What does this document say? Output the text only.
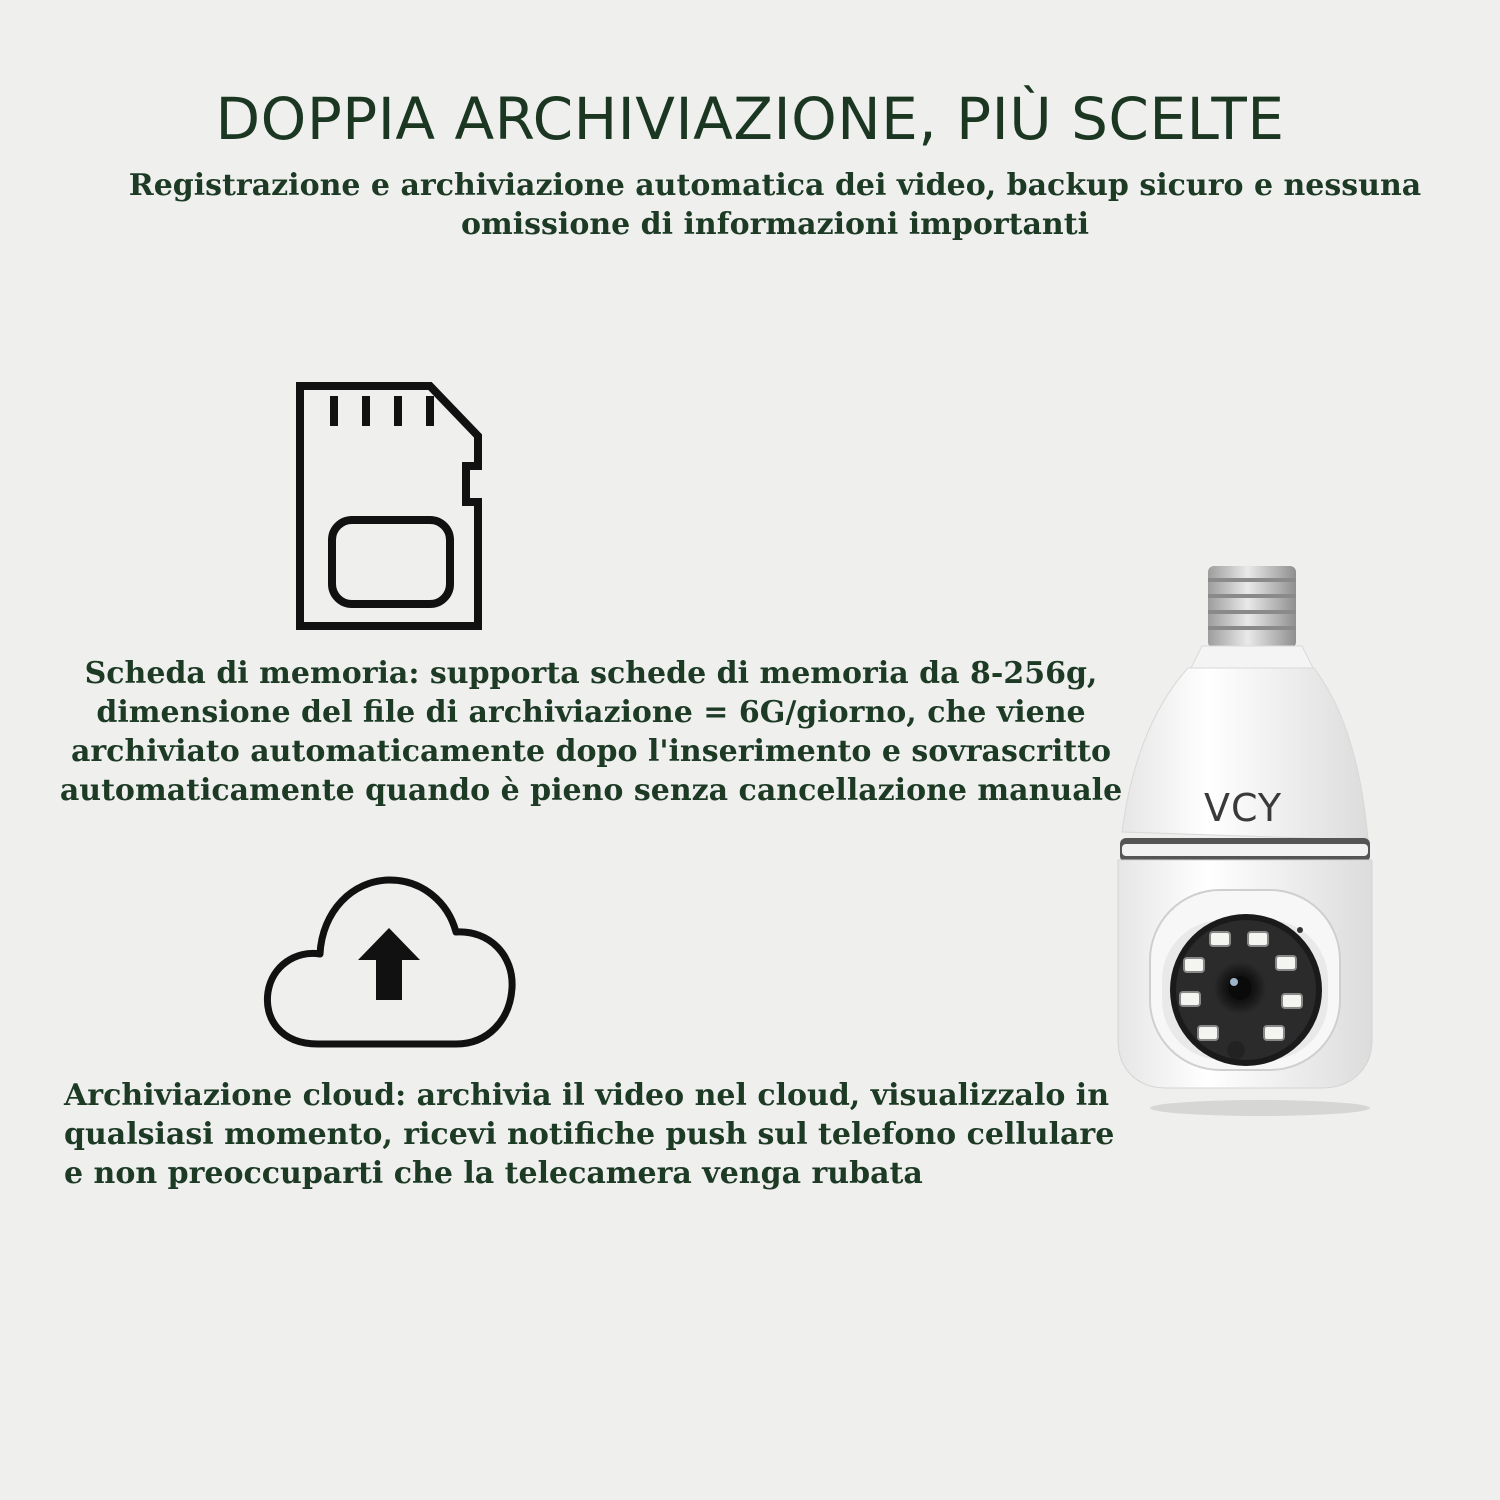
DOPPIA ARCHIVIAZIONE, PIÙ SCELTE

Registrazione e archiviazione automatica dei video, backup sicuro e nessuna
omissione di informazioni importanti

Scheda di memoria: supporta schede di memoria da 8-256g,
dimensione del file di archiviazione = 6G/giorno, che viene
archiviato automaticamente dopo l'inserimento e sovrascritto
automaticamente quando è pieno senza cancellazione manuale

Archiviazione cloud: archivia il video nel cloud, visualizzalo in
qualsiasi momento, ricevi notifiche push sul telefono cellulare
e non preoccuparti che la telecamera venga rubata

VCY
